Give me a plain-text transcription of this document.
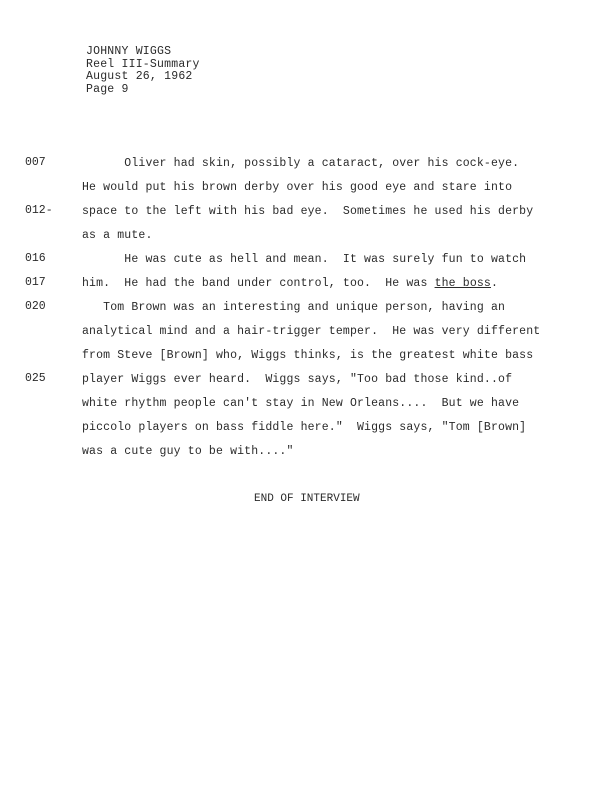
JOHNNY WIGGS
Reel III-Summary
August 26, 1962
Page 9
007
012-
016
017
020
025
Oliver had skin, possibly a cataract, over his cock-eye.
He would put his brown derby over his good eye and stare into
space to the left with his bad eye.  Sometimes he used his derby
as a mute.
He was cute as hell and mean.  It was surely fun to watch
him.  He had the band under control, too.  He was the boss.
Tom Brown was an interesting and unique person, having an
analytical mind and a hair-trigger temper.  He was very different
from Steve [Brown] who, Wiggs thinks, is the greatest white bass
player Wiggs ever heard.  Wiggs says, "Too bad those kind..of
white rhythm people can't stay in New Orleans....  But we have
piccolo players on bass fiddle here."  Wiggs says, "Tom [Brown]
was a cute guy to be with...."
END OF INTERVIEW
